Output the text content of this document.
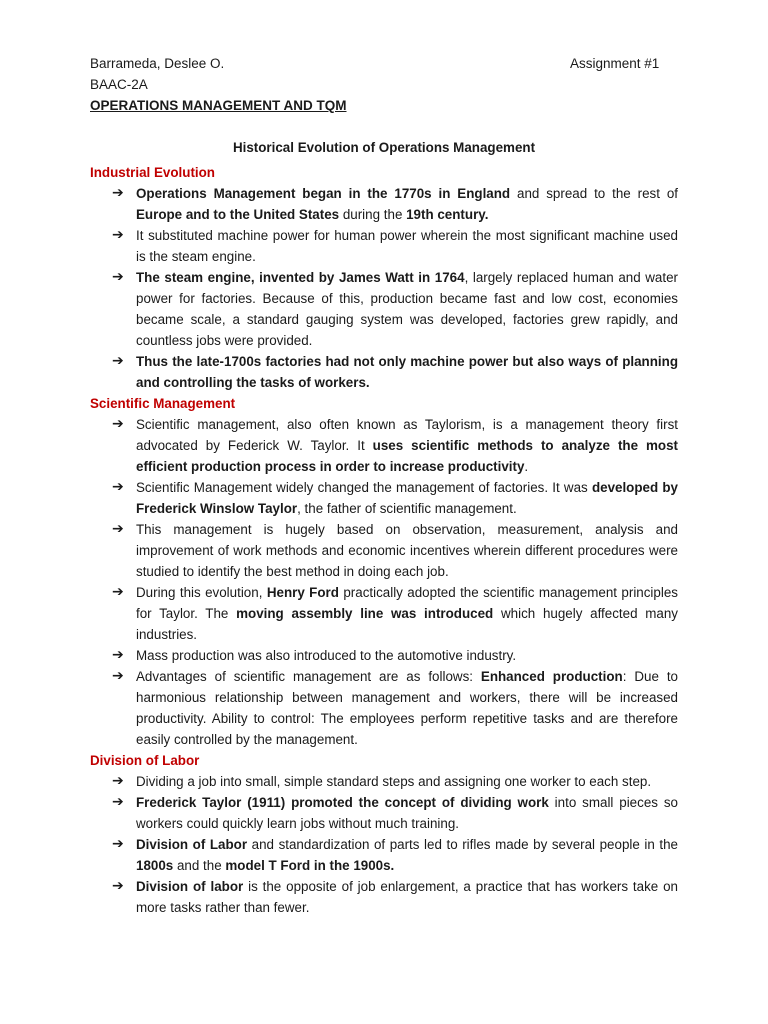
Barrameda, Deslee O.	Assignment #1
BAAC-2A
OPERATIONS MANAGEMENT AND TQM
Historical Evolution of Operations Management
Industrial Evolution
➔ Operations Management began in the 1770s in England and spread to the rest of Europe and to the United States during the 19th century.
➔ It substituted machine power for human power wherein the most significant machine used is the steam engine.
➔ The steam engine, invented by James Watt in 1764, largely replaced human and water power for factories. Because of this, production became fast and low cost, economies became scale, a standard gauging system was developed, factories grew rapidly, and countless jobs were provided.
➔ Thus the late-1700s factories had not only machine power but also ways of planning and controlling the tasks of workers.
Scientific Management
➔ Scientific management, also often known as Taylorism, is a management theory first advocated by Federick W. Taylor. It uses scientific methods to analyze the most efficient production process in order to increase productivity.
➔ Scientific Management widely changed the management of factories. It was developed by Frederick Winslow Taylor, the father of scientific management.
➔ This management is hugely based on observation, measurement, analysis and improvement of work methods and economic incentives wherein different procedures were studied to identify the best method in doing each job.
➔ During this evolution, Henry Ford practically adopted the scientific management principles for Taylor. The moving assembly line was introduced which hugely affected many industries.
➔ Mass production was also introduced to the automotive industry.
➔ Advantages of scientific management are as follows: Enhanced production: Due to harmonious relationship between management and workers, there will be increased productivity. Ability to control: The employees perform repetitive tasks and are therefore easily controlled by the management.
Division of Labor
➔ Dividing a job into small, simple standard steps and assigning one worker to each step.
➔ Frederick Taylor (1911) promoted the concept of dividing work into small pieces so workers could quickly learn jobs without much training.
➔ Division of Labor and standardization of parts led to rifles made by several people in the 1800s and the model T Ford in the 1900s.
➔ Division of labor is the opposite of job enlargement, a practice that has workers take on more tasks rather than fewer.
